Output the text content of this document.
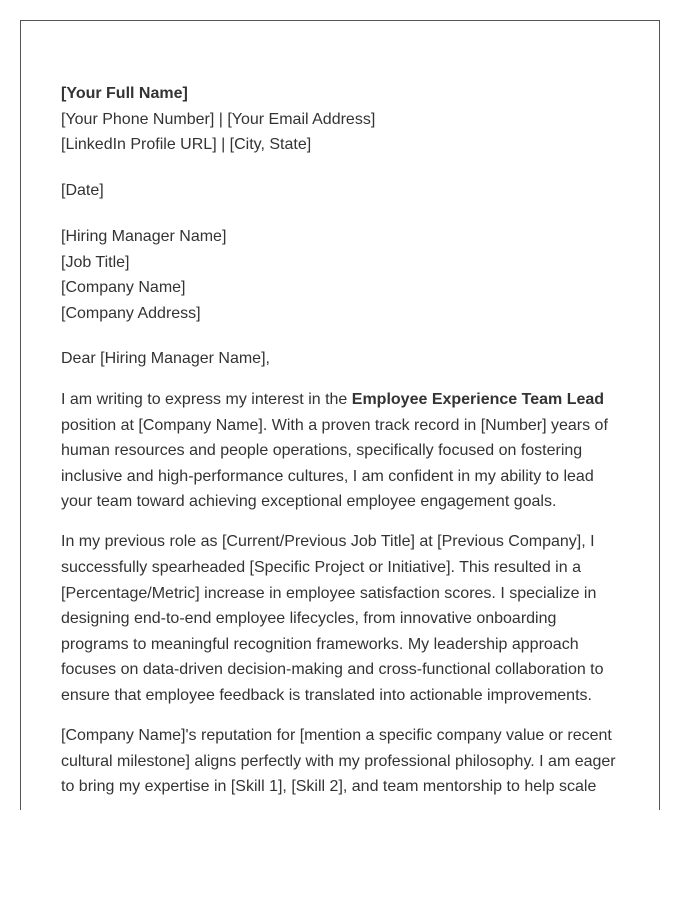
[Your Full Name]
[Your Phone Number] | [Your Email Address]
[LinkedIn Profile URL] | [City, State]
[Date]
[Hiring Manager Name]
[Job Title]
[Company Name]
[Company Address]
Dear [Hiring Manager Name],

I am writing to express my interest in the Employee Experience Team Lead position at [Company Name]. With a proven track record in [Number] years of human resources and people operations, specifically focused on fostering inclusive and high-performance cultures, I am confident in my ability to lead your team toward achieving exceptional employee engagement goals.

In my previous role as [Current/Previous Job Title] at [Previous Company], I successfully spearheaded [Specific Project or Initiative]. This resulted in a [Percentage/Metric] increase in employee satisfaction scores. I specialize in designing end-to-end employee lifecycles, from innovative onboarding programs to meaningful recognition frameworks. My leadership approach focuses on data-driven decision-making and cross-functional collaboration to ensure that employee feedback is translated into actionable improvements.

[Company Name]'s reputation for [mention a specific company value or recent cultural milestone] aligns perfectly with my professional philosophy. I am eager to bring my expertise in [Skill 1], [Skill 2], and team mentorship to help scale
